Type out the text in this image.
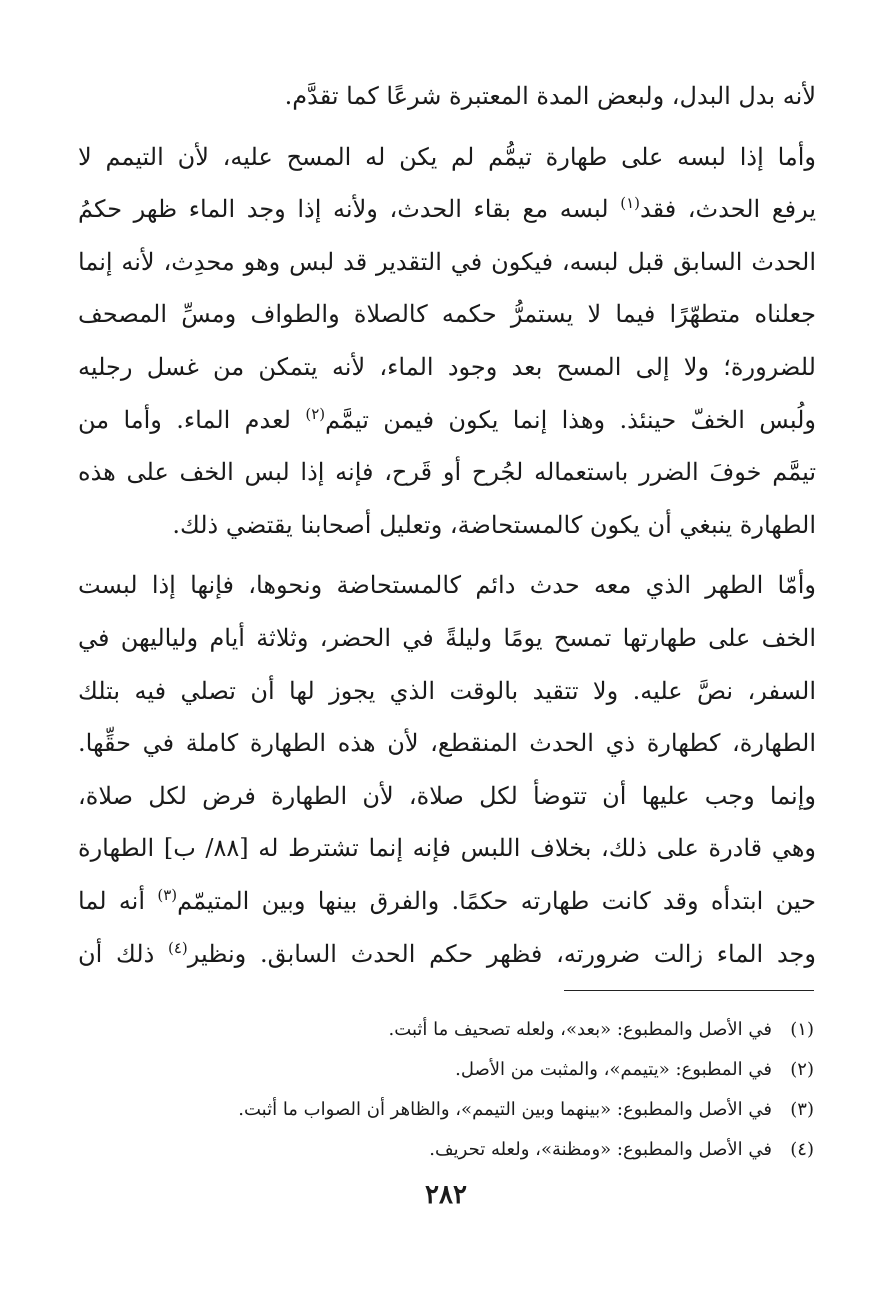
لأنه بدل البدل، ولبعض المدة المعتبرة شرعًا كما تقدَّم.
وأما إذا لبسه على طهارة تيمُّم لم يكن له المسح عليه، لأن التيمم لا
يرفع الحدث، فقد$^{(١)}$ لبسه مع بقاء الحدث، ولأنه إذا وجد الماء ظهر حكمُ
الحدث السابق قبل لبسه، فيكون في التقدير قد لبس وهو محدِث، لأنه إنما
جعلناه متطهّرًا فيما لا يستمرُّ حكمه كالصلاة والطواف ومسِّ المصحف
للضرورة؛ ولا إلى المسح بعد وجود الماء، لأنه يتمكن من غسل رجليه
ولُبس الخفّ حينئذ. وهذا إنما يكون فيمن تيمَّم$^{(٢)}$ لعدم الماء. وأما من
تيمَّم خوفَ الضرر باستعماله لجُرح أو قَرح، فإنه إذا لبس الخف على هذه
الطهارة ينبغي أن يكون كالمستحاضة، وتعليل أصحابنا يقتضي ذلك.
وأمّا الطهر الذي معه حدث دائم كالمستحاضة ونحوها، فإنها إذا لبست
الخف على طهارتها تمسح يومًا وليلةً في الحضر، وثلاثة أيام ولياليهن في
السفر، نصَّ عليه. ولا تتقيد بالوقت الذي يجوز لها أن تصلي فيه بتلك
الطهارة، كطهارة ذي الحدث المنقطع، لأن هذه الطهارة كاملة في حقِّها.
وإنما وجب عليها أن تتوضأ لكل صلاة، لأن الطهارة فرض لكل صلاة،
وهي قادرة على ذلك، بخلاف اللبس فإنه إنما تشترط له [٨٨/ ب] الطهارة
حين ابتدأه وقد كانت طهارته حكمًا. والفرق بينها وبين المتيمّم$^{(٣)}$ أنه لما
وجد الماء زالت ضرورته، فظهر حكم الحدث السابق. ونظير$^{(٤)}$ ذلك أن
(١)في الأصل والمطبوع: «بعد»، ولعله تصحيف ما أثبت.
(٢)في المطبوع: «يتيمم»، والمثبت من الأصل.
(٣)في الأصل والمطبوع: «بينهما وبين التيمم»، والظاهر أن الصواب ما أثبت.
(٤)في الأصل والمطبوع: «ومظنة»، ولعله تحريف.
٢٨٢
